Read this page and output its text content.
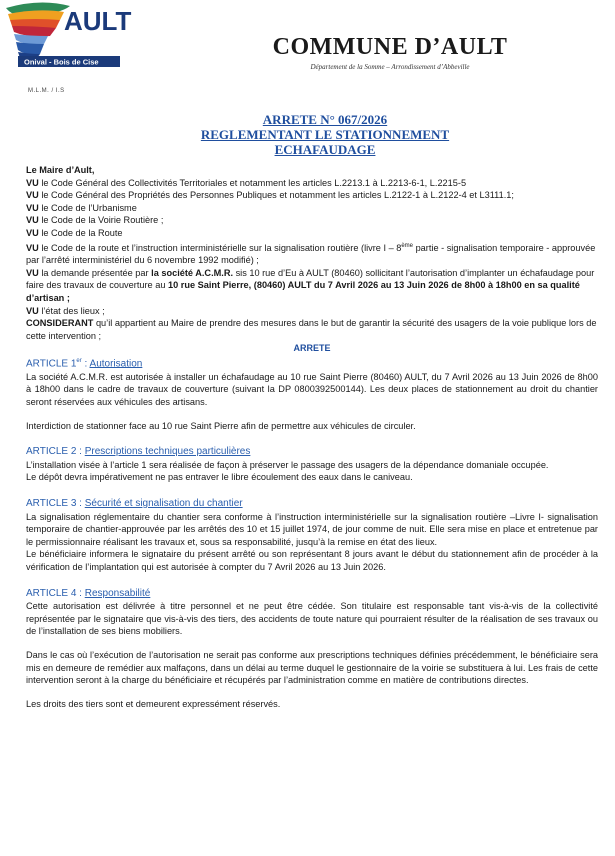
AULT
Onival - Bois de Cise
M.L.M. / I.S
COMMUNE D’AULT
Département de la Somme – Arrondissement d’Abbeville
ARRETE N° 067/2026
REGLEMENTANT LE STATIONNEMENT
ECHAFAUDAGE

Le Maire d’Ault,

VU le Code Général des Collectivités Territoriales et notamment les articles L.2213.1 à L.2213-6-1, L.2215-5

VU le Code Général des Propriétés des Personnes Publiques et notamment les articles L.2122-1 à L.2122-4 et L3111.1;

VU le Code de l’Urbanisme

VU le Code de la Voirie Routière ;

VU le Code de la Route

VU le Code de la route et l’instruction interministérielle sur la signalisation routière (livre I – 8ème partie - signalisation temporaire - approuvée par l’arrêté interministériel du 6 novembre 1992 modifié) ;

VU la demande présentée par la société A.C.M.R. sis 10 rue d’Eu à AULT (80460) sollicitant l’autorisation d’implanter un échafaudage pour faire des travaux de couverture au 10 rue Saint Pierre, (80460) AULT du 7 Avril 2026 au 13 Juin 2026 de 8h00 à 18h00 en sa qualité d’artisan ;

VU l’état des lieux ;

CONSIDERANT qu’il appartient au Maire de prendre des mesures dans le but de garantir la sécurité des usagers de la voie publique lors de cette intervention ;

ARRETE

ARTICLE 1er : Autorisation

La société A.C.M.R. est autorisée à installer un échafaudage au 10 rue Saint Pierre (80460) AULT, du 7 Avril 2026 au 13 Juin 2026 de 8h00 à 18h00 dans le cadre de travaux de couverture (suivant la DP 0800392500144). Les deux places de stationnement au droit du chantier seront réservées aux véhicules des artisans.

Interdiction de stationner face au 10 rue Saint Pierre afin de permettre aux véhicules de circuler.

ARTICLE 2 : Prescriptions techniques particulières

L’installation visée à l’article 1 sera réalisée de façon à préserver le passage des usagers de la dépendance domaniale occupée.

Le dépôt devra impérativement ne pas entraver le libre écoulement des eaux dans le caniveau.

ARTICLE 3 : Sécurité et signalisation du chantier

La signalisation réglementaire du chantier sera conforme à l’instruction interministérielle sur la signalisation routière –Livre I- signalisation temporaire de chantier-approuvée par les arrêtés des 10 et 15 juillet 1974, de jour comme de nuit. Elle sera mise en place et entretenue par le permissionnaire réalisant les travaux et, sous sa responsabilité, jusqu’à la remise en état des lieux.

Le bénéficiaire informera le signataire du présent arrêté ou son représentant 8 jours avant le début du stationnement afin de procéder à la vérification de l’implantation qui est autorisée à compter du 7 Avril 2026 au 13 Juin 2026.

ARTICLE 4 : Responsabilité

Cette autorisation est délivrée à titre personnel et ne peut être cédée. Son titulaire est responsable tant vis-à-vis de la collectivité représentée par le signataire que vis-à-vis des tiers, des accidents de toute nature qui pourraient résulter de la réalisation de ses travaux ou de l’installation de ses biens mobiliers.

Dans le cas où l’exécution de l’autorisation ne serait pas conforme aux prescriptions techniques définies précédemment, le bénéficiaire sera mis en demeure de remédier aux malfaçons, dans un délai au terme duquel le gestionnaire de la voirie se substituera à lui. Les frais de cette intervention seront à la charge du bénéficiaire et récupérés par l’administration comme en matière de contributions directes.

Les droits des tiers sont et demeurent expressément réservés.
